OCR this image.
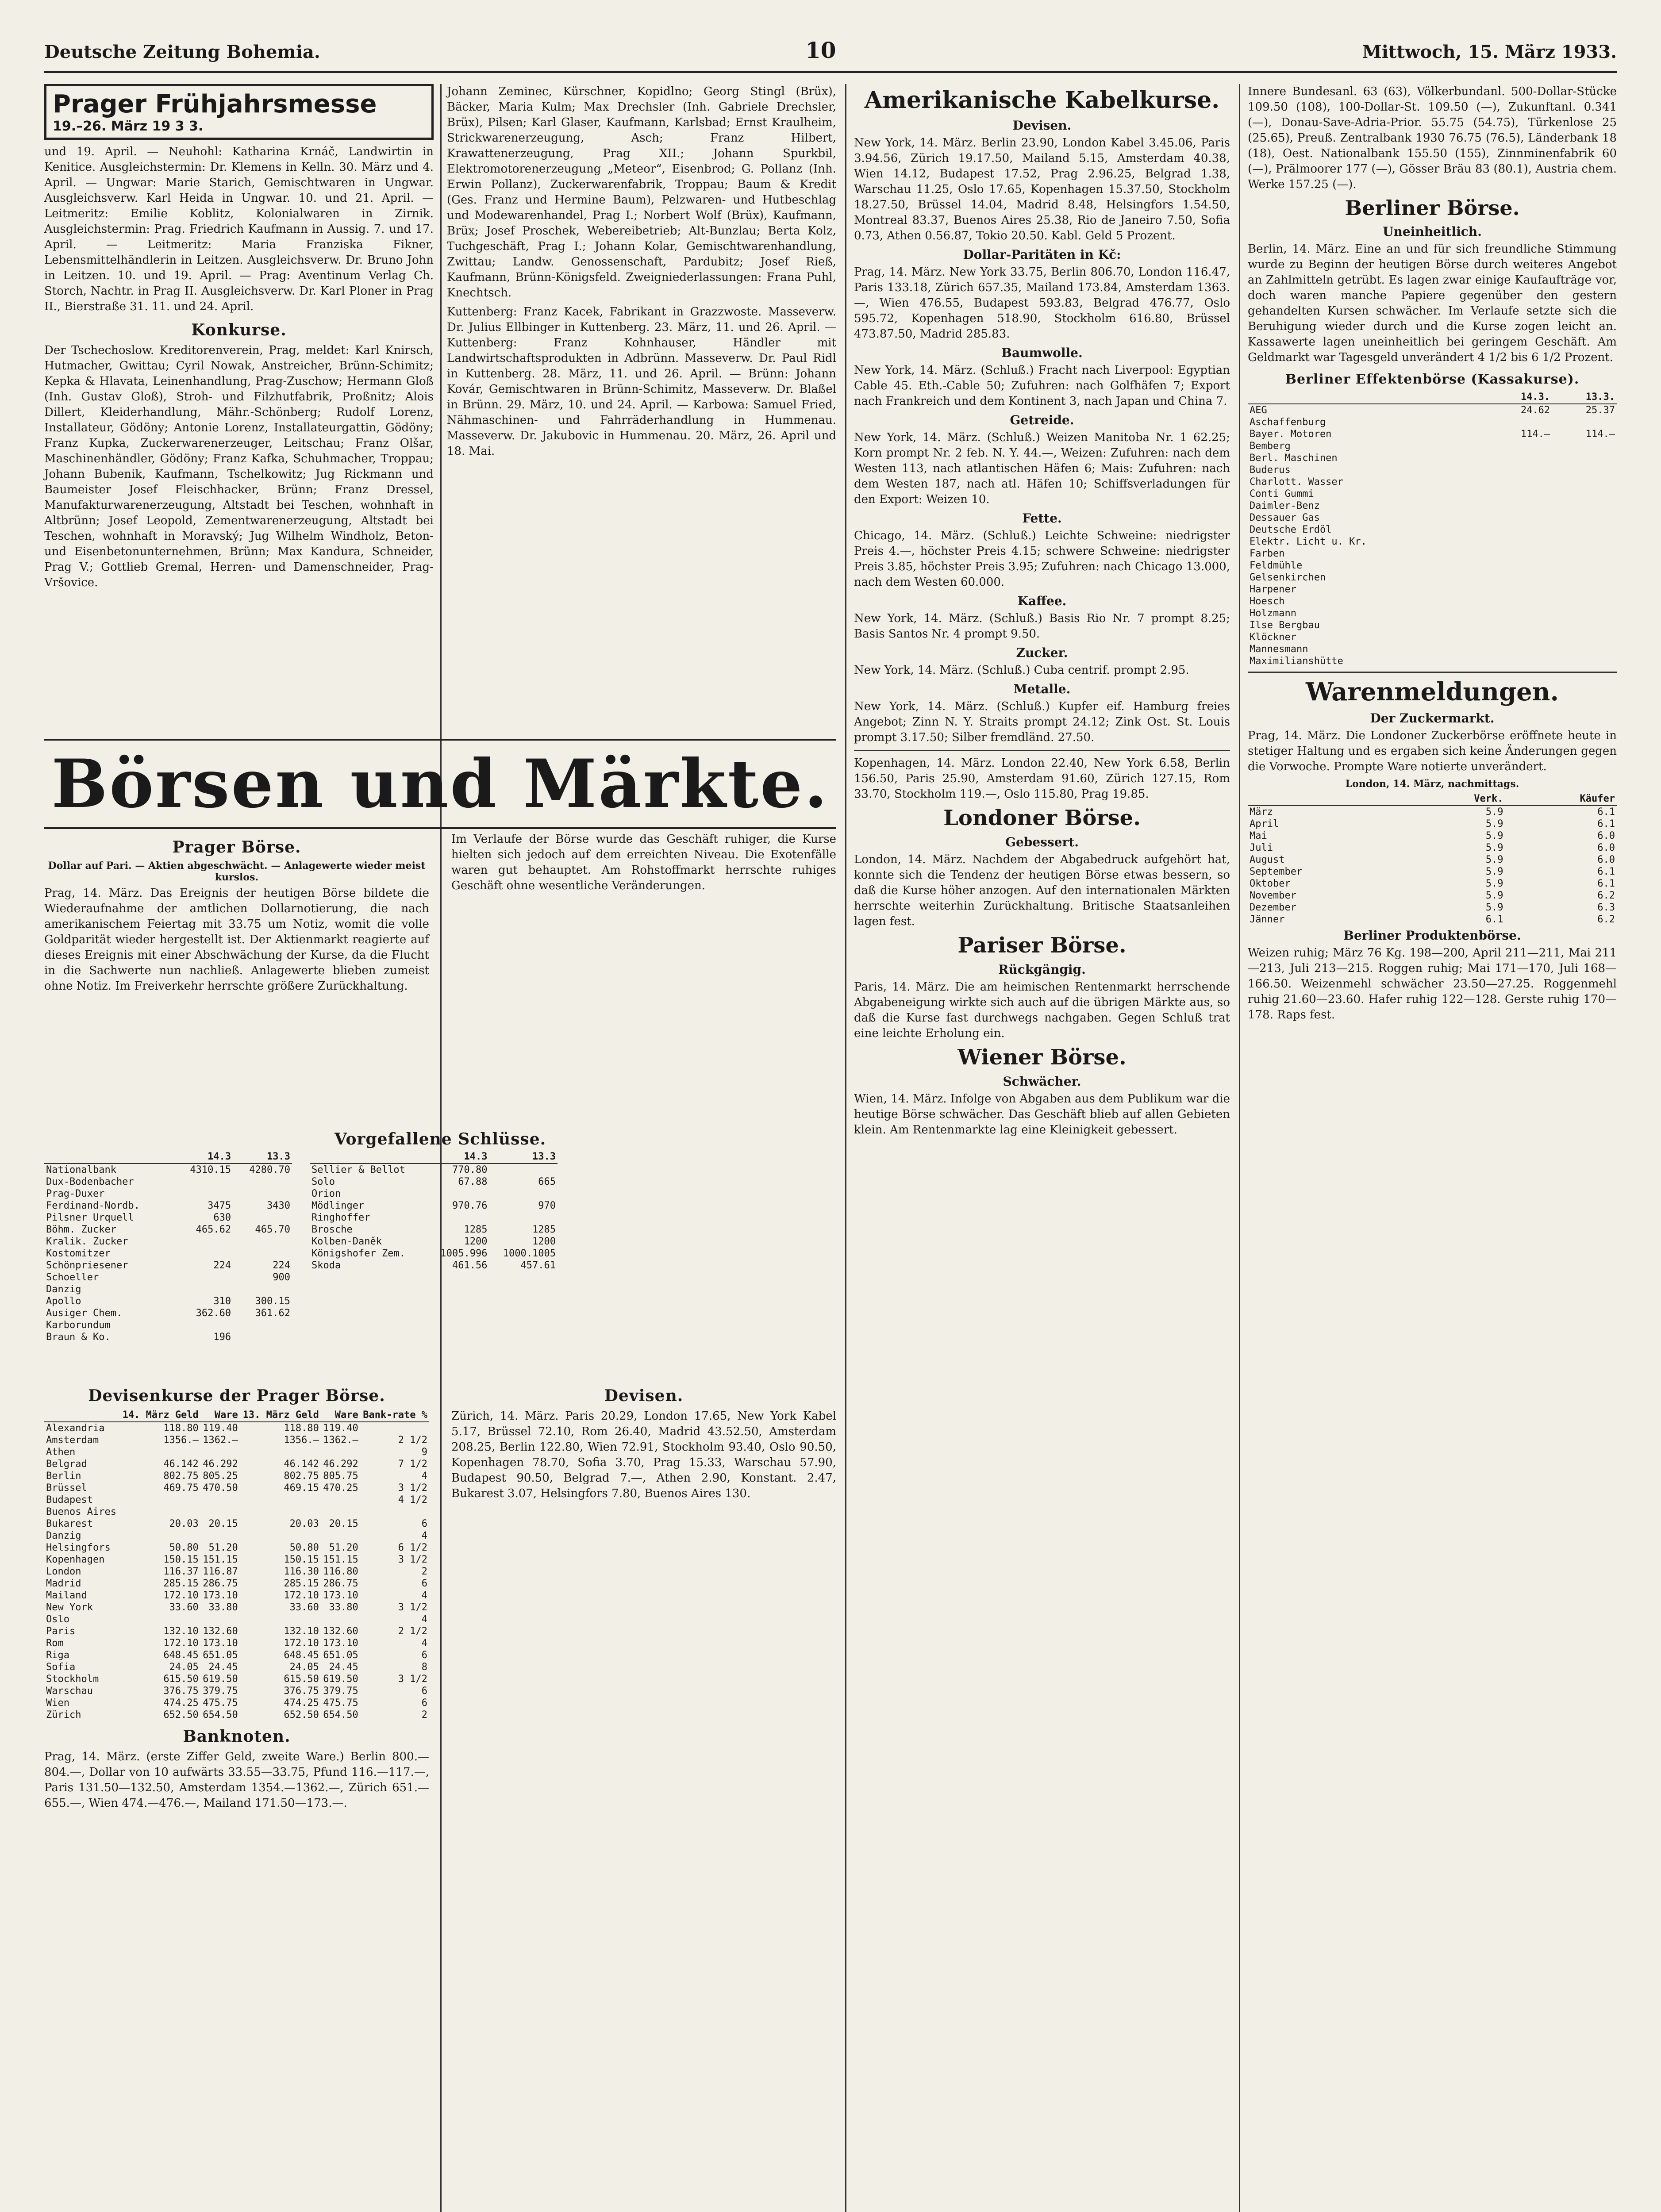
Deutsche Zeitung Bohemia.	10	Mittwoch, 15. März 1933.
Prager Frühjahrsmesse
19.–26. März 19 3 3.

und 19. April. — Neuhohl: Katharina Krnáč, Landwirtin in Kenitice. Ausgleichstermin: Dr. Klemens in Kelln. 30. März und 4. April. — Ungwar: Marie Starich, Gemischtwaren in Ungwar. Ausgleichsverw. Karl Heida in Ungwar. 10. und 21. April. — Leitmeritz: Emilie Koblitz, Kolonialwaren in Zirnik. Ausgleichstermin: Prag. Friedrich Kaufmann in Aussig. 7. und 17. April. — Leitmeritz: Maria Franziska Fikner, Lebensmittelhändlerin in Leitzen. Ausgleichsverw. Dr. Bruno John in Leitzen. 10. und 19. April. — Prag: Aventinum Verlag Ch. Storch, Nachtr. in Prag II. Ausgleichsverw. Dr. Karl Ploner in Prag II., Bierstraße 31. 11. und 24. April.

Konkurse.

Der Tschechoslow. Kreditorenverein, Prag, meldet: Karl Knirsch, Hutmacher, Gwittau; Cyril Nowak, Anstreicher, Brünn-Schimitz; Kepka & Hlavata, Leinenhandlung, Prag-Zuschow; Hermann Gloß (Inh. Gustav Gloß), Stroh- und Filzhutfabrik, Proßnitz; Alois Dillert, Kleiderhandlung, Mähr.-Schönberg; Rudolf Lorenz, Installateur, Gödöny; Antonie Lorenz, Installateurgattin, Gödöny; Franz Kupka, Zuckerwarenerzeuger, Leitschau; Franz Olšar, Maschinenhändler, Gödöny; Franz Kafka, Schuhmacher, Troppau; Johann Bubenik, Kaufmann, Tschelkowitz; Jug Rickmann und Baumeister Josef Fleischhacker, Brünn; Franz Dressel, Manufakturwarenerzeugung, Altstadt bei Teschen, wohnhaft in Altbrünn; Josef Leopold, Zementwarenerzeugung, Altstadt bei Teschen, wohnhaft in Moravský; Jug Wilhelm Windholz, Beton- und Eisenbetonunternehmen, Brünn; Max Kandura, Schneider, Prag V.; Gottlieb Gremal, Herren- und Damenschneider, Prag-Vršovice.

Johann Zeminec, Kürschner, Kopidlno; Georg Stingl (Brüx), Bäcker, Maria Kulm; Max Drechsler (Inh. Gabriele Drechsler, Brüx), Pilsen; Karl Glaser, Kaufmann, Karlsbad; Ernst Kraulheim, Strickwarenerzeugung, Asch; Franz Hilbert, Krawattenerzeugung, Prag XII.; Johann Spurkbil, Elektromotorenerzeugung „Meteor“, Eisenbrod; G. Pollanz (Inh. Erwin Pollanz), Zuckerwarenfabrik, Troppau; Baum & Kredit (Ges. Franz und Hermine Baum), Pelzwaren- und Hutbeschlag und Modewarenhandel, Prag I.; Norbert Wolf (Brüx), Kaufmann, Brüx; Josef Proschek, Webereibetrieb; Alt-Bunzlau; Berta Kolz, Tuchgeschäft, Prag I.; Johann Kolar, Gemischtwarenhandlung, Zwittau; Landw. Genossenschaft, Pardubitz; Josef Rieß, Kaufmann, Brünn-Königsfeld. Zweigniederlassungen: Frana Puhl, Knechtsch.

Kuttenberg: Franz Kacek, Fabrikant in Grazzwoste. Masseverw. Dr. Julius Ellbinger in Kuttenberg. 23. März, 11. und 26. April. — Kuttenberg: Franz Kohnhauser, Händler mit Landwirtschaftsprodukten in Adbrünn. Masseverw. Dr. Paul Ridl in Kuttenberg. 28. März, 11. und 26. April. — Brünn: Johann Kovár, Gemischtwaren in Brünn-Schimitz, Masseverw. Dr. Blaßel in Brünn. 29. März, 10. und 24. April. — Karbowa: Samuel Fried, Nähmaschinen- und Fahrräderhandlung in Hummenau. Masseverw. Dr. Jakubovic in Hummenau. 20. März, 26. April und 18. Mai.

Börsen und Märkte.
Prager Börse.
Dollar auf Pari. — Aktien abgeschwächt. — Anlagewerte wieder meist kurslos.

Prag, 14. März. Das Ereignis der heutigen Börse bildete die Wiederaufnahme der amtlichen Dollarnotierung, die nach amerikanischem Feiertag mit 33.75 um Notiz, womit die volle Goldparität wieder hergestellt ist. Der Aktienmarkt reagierte auf dieses Ereignis mit einer Abschwächung der Kurse, da die Flucht in die Sachwerte nun nachließ. Anlagewerte blieben zumeist ohne Notiz. Im Freiverkehr herrschte größere Zurückhaltung.

Im Verlaufe der Börse wurde das Geschäft ruhiger, die Kurse hielten sich jedoch auf dem erreichten Niveau. Die Exotenfälle waren gut behauptet. Am Rohstoffmarkt herrschte ruhiges Geschäft ohne wesentliche Veränderungen.

Vorgefallene Schlüsse.
	14.3	13.3
Nationalbank	4310.15	4280.70
Dux-Bodenbacher		
Prag-Duxer		
Ferdinand-Nordb.	3475	3430
Pilsner Urquell	630	
Böhm. Zucker	465.62	465.70
Kralik. Zucker		
Kostomitzer		
Schönpriesener	224	224
Schoeller		900
Danzig		
Apollo	310	300.15
Ausiger Chem.	362.60	361.62
Karborundum		
Braun & Ko.	196	
	14.3	13.3
Sellier & Bellot	770.80	
Solo	67.88	665
Orion		
Mödlinger	970.76	970
Ringhoffer		
Brosche	1285	1285
Kolben-Daněk	1200	1200
Königshofer Zem.	1005.996	1000.1005
Skoda	461.56	457.61
Devisenkurse der Prager Börse.
	14. März Geld	Ware	13. März Geld	Ware	Bank-rate %
Alexandria	118.80	119.40	118.80	119.40	
Amsterdam	1356.—	1362.—	1356.—	1362.—	2 1/2
Athen					9
Belgrad	46.142	46.292	46.142	46.292	7 1/2
Berlin	802.75	805.25	802.75	805.75	4
Brüssel	469.75	470.50	469.15	470.25	3 1/2
Budapest					4 1/2
Buenos Aires					
Bukarest	20.03	20.15	20.03	20.15	6
Danzig					4
Helsingfors	50.80	51.20	50.80	51.20	6 1/2
Kopenhagen	150.15	151.15	150.15	151.15	3 1/2
London	116.37	116.87	116.30	116.80	2
Madrid	285.15	286.75	285.15	286.75	6
Mailand	172.10	173.10	172.10	173.10	4
New York	33.60	33.80	33.60	33.80	3 1/2
Oslo					4
Paris	132.10	132.60	132.10	132.60	2 1/2
Rom	172.10	173.10	172.10	173.10	4
Riga	648.45	651.05	648.45	651.05	6
Sofia	24.05	24.45	24.05	24.45	8
Stockholm	615.50	619.50	615.50	619.50	3 1/2
Warschau	376.75	379.75	376.75	379.75	6
Wien	474.25	475.75	474.25	475.75	6
Zürich	652.50	654.50	652.50	654.50	2
Banknoten.

Prag, 14. März. (erste Ziffer Geld, zweite Ware.) Berlin 800.—804.—, Dollar von 10 aufwärts 33.55—33.75, Pfund 116.—117.—, Paris 131.50—132.50, Amsterdam 1354.—1362.—, Zürich 651.—655.—, Wien 474.—476.—, Mailand 171.50—173.—.

Devisen.

Zürich, 14. März. Paris 20.29, London 17.65, New York Kabel 5.17, Brüssel 72.10, Rom 26.40, Madrid 43.52.50, Amsterdam 208.25, Berlin 122.80, Wien 72.91, Stockholm 93.40, Oslo 90.50, Kopenhagen 78.70, Sofia 3.70, Prag 15.33, Warschau 57.90, Budapest 90.50, Belgrad 7.—, Athen 2.90, Konstant. 2.47, Bukarest 3.07, Helsingfors 7.80, Buenos Aires 130.

Amerikanische Kabelkurse.
Devisen.

New York, 14. März. Berlin 23.90, London Kabel 3.45.06, Paris 3.94.56, Zürich 19.17.50, Mailand 5.15, Amsterdam 40.38, Wien 14.12, Budapest 17.52, Prag 2.96.25, Belgrad 1.38, Warschau 11.25, Oslo 17.65, Kopenhagen 15.37.50, Stockholm 18.27.50, Brüssel 14.04, Madrid 8.48, Helsingfors 1.54.50, Montreal 83.37, Buenos Aires 25.38, Rio de Janeiro 7.50, Sofia 0.73, Athen 0.56.87, Tokio 20.50. Kabl. Geld 5 Prozent.

Dollar-Paritäten in Kč:

Prag, 14. März. New York 33.75, Berlin 806.70, London 116.47, Paris 133.18, Zürich 657.35, Mailand 173.84, Amsterdam 1363.—, Wien 476.55, Budapest 593.83, Belgrad 476.77, Oslo 595.72, Kopenhagen 518.90, Stockholm 616.80, Brüssel 473.87.50, Madrid 285.83.

Baumwolle.

New York, 14. März. (Schluß.) Fracht nach Liverpool: Egyptian Cable 45. Eth.-Cable 50; Zufuhren: nach Golfhäfen 7; Export nach Frankreich und dem Kontinent 3, nach Japan und China 7.

Getreide.

New York, 14. März. (Schluß.) Weizen Manitoba Nr. 1 62.25; Korn prompt Nr. 2 feb. N. Y. 44.—, Weizen: Zufuhren: nach dem Westen 113, nach atlantischen Häfen 6; Mais: Zufuhren: nach dem Westen 187, nach atl. Häfen 10; Schiffsverladungen für den Export: Weizen 10.

Fette.

Chicago, 14. März. (Schluß.) Leichte Schweine: niedrigster Preis 4.—, höchster Preis 4.15; schwere Schweine: niedrigster Preis 3.85, höchster Preis 3.95; Zufuhren: nach Chicago 13.000, nach dem Westen 60.000.

Kaffee.

New York, 14. März. (Schluß.) Basis Rio Nr. 7 prompt 8.25; Basis Santos Nr. 4 prompt 9.50.

Zucker.

New York, 14. März. (Schluß.) Cuba centrif. prompt 2.95.

Metalle.

New York, 14. März. (Schluß.) Kupfer eif. Hamburg freies Angebot; Zinn N. Y. Straits prompt 24.12; Zink Ost. St. Louis prompt 3.17.50; Silber fremdländ. 27.50.

Kopenhagen, 14. März. London 22.40, New York 6.58, Berlin 156.50, Paris 25.90, Amsterdam 91.60, Zürich 127.15, Rom 33.70, Stockholm 119.—, Oslo 115.80, Prag 19.85.

Londoner Börse.
Gebessert.

London, 14. März. Nachdem der Abgabedruck aufgehört hat, konnte sich die Tendenz der heutigen Börse etwas bessern, so daß die Kurse höher anzogen. Auf den internationalen Märkten herrschte weiterhin Zurückhaltung. Britische Staatsanleihen lagen fest.

Pariser Börse.
Rückgängig.

Paris, 14. März. Die am heimischen Rentenmarkt herrschende Abgabeneigung wirkte sich auch auf die übrigen Märkte aus, so daß die Kurse fast durchwegs nachgaben. Gegen Schluß trat eine leichte Erholung ein.

Wiener Börse.
Schwächer.

Wien, 14. März. Infolge von Abgaben aus dem Publikum war die heutige Börse schwächer. Das Geschäft blieb auf allen Gebieten klein. Am Rentenmarkte lag eine Kleinigkeit gebessert.

Innere Bundesanl. 63 (63), Völkerbundanl. 500-Dollar-Stücke 109.50 (108), 100-Dollar-St. 109.50 (—), Zukunftanl. 0.341 (—), Donau-Save-Adria-Prior. 55.75 (54.75), Türkenlose 25 (25.65), Preuß. Zentralbank 1930 76.75 (76.5), Länderbank 18 (18), Oest. Nationalbank 155.50 (155), Zinnminenfabrik 60 (—), Prälmoorer 177 (—), Gösser Bräu 83 (80.1), Austria chem. Werke 157.25 (—).

Berliner Börse.
Uneinheitlich.

Berlin, 14. März. Eine an und für sich freundliche Stimmung wurde zu Beginn der heutigen Börse durch weiteres Angebot an Zahlmitteln getrübt. Es lagen zwar einige Kaufaufträge vor, doch waren manche Papiere gegenüber den gestern gehandelten Kursen schwächer. Im Verlaufe setzte sich die Beruhigung wieder durch und die Kurse zogen leicht an. Kassawerte lagen uneinheitlich bei geringem Geschäft. Am Geldmarkt war Tagesgeld unverändert 4 1/2 bis 6 1/2 Prozent.

Berliner Effektenbörse (Kassakurse).
	14.3.	13.3.
AEG	24.62	25.37
Aschaffenburg		
Bayer. Motoren	114.—	114.—
Bemberg		
Berl. Maschinen		
Buderus		
Charlott. Wasser		
Conti Gummi		
Daimler-Benz		
Dessauer Gas		
Deutsche Erdöl		
Elektr. Licht u. Kr.		
Farben		
Feldmühle		
Gelsenkirchen		
Harpener		
Hoesch		
Holzmann		
Ilse Bergbau		
Klöckner		
Mannesmann		
Maximilianshütte		
Warenmeldungen.
Der Zuckermarkt.

Prag, 14. März. Die Londoner Zuckerbörse eröffnete heute in stetiger Haltung und es ergaben sich keine Änderungen gegen die Vorwoche. Prompte Ware notierte unverändert.

London, 14. März, nachmittags.
	Verk.	Käufer
März	5.9	6.1
April	5.9	6.1
Mai	5.9	6.0
Juli	5.9	6.0
August	5.9	6.0
September	5.9	6.1
Oktober	5.9	6.1
November	5.9	6.2
Dezember	5.9	6.3
Jänner	6.1	6.2
Berliner Produktenbörse.

Weizen ruhig; März 76 Kg. 198—200, April 211—211, Mai 211—213, Juli 213—215. Roggen ruhig; Mai 171—170, Juli 168—166.50. Weizenmehl schwächer 23.50—27.25. Roggenmehl ruhig 21.60—23.60. Hafer ruhig 122—128. Gerste ruhig 170—178. Raps fest.
